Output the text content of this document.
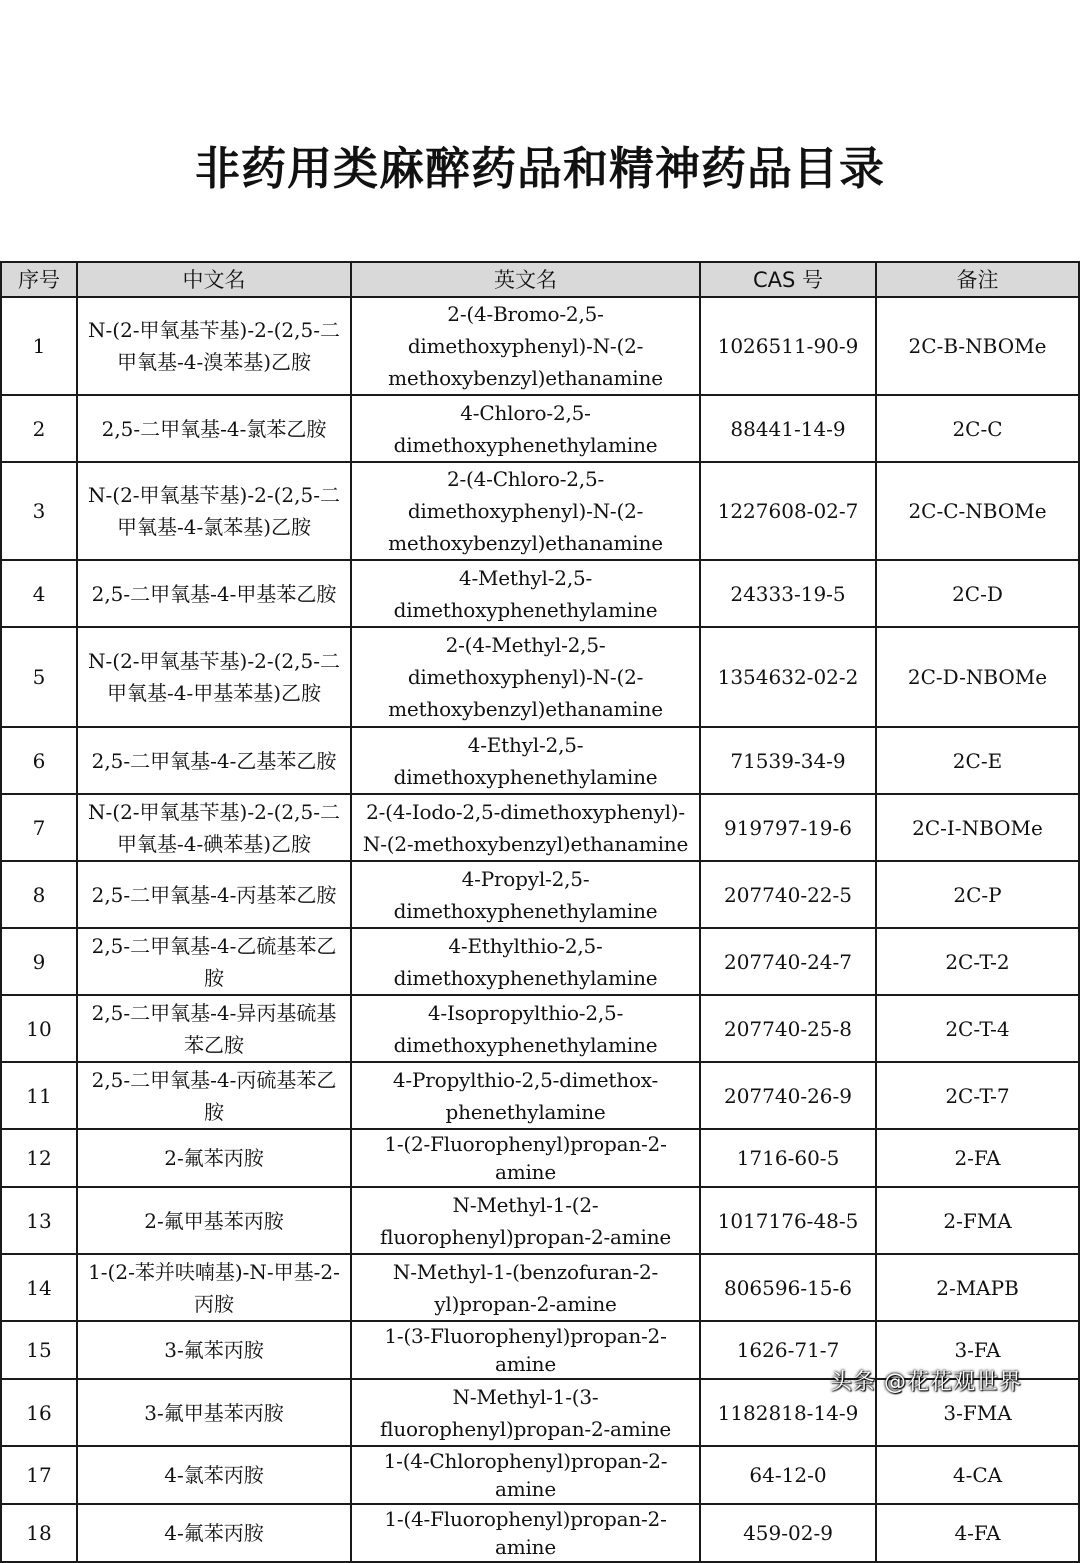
非药用类麻醉药品和精神药品目录
序号	中文名	英文名	CAS 号	备注
1	N-(2-甲氧基苄基)-2-(2,5-二甲氧基-4-溴苯基)乙胺	2-(4-Bromo-2,5-dimethoxyphenyl)-N-(2-methoxybenzyl)ethanamine	1026511-90-9	2C-B-NBOMe
2	2,5-二甲氧基-4-氯苯乙胺	4-Chloro-2,5-dimethoxyphenethylamine	88441-14-9	2C-C
3	N-(2-甲氧基苄基)-2-(2,5-二甲氧基-4-氯苯基)乙胺	2-(4-Chloro-2,5-dimethoxyphenyl)-N-(2-methoxybenzyl)ethanamine	1227608-02-7	2C-C-NBOMe
4	2,5-二甲氧基-4-甲基苯乙胺	4-Methyl-2,5-dimethoxyphenethylamine	24333-19-5	2C-D
5	N-(2-甲氧基苄基)-2-(2,5-二甲氧基-4-甲基苯基)乙胺	2-(4-Methyl-2,5-dimethoxyphenyl)-N-(2-methoxybenzyl)ethanamine	1354632-02-2	2C-D-NBOMe
6	2,5-二甲氧基-4-乙基苯乙胺	4-Ethyl-2,5-dimethoxyphenethylamine	71539-34-9	2C-E
7	N-(2-甲氧基苄基)-2-(2,5-二甲氧基-4-碘苯基)乙胺	2-(4-Iodo-2,5-dimethoxyphenyl)-N-(2-methoxybenzyl)ethanamine	919797-19-6	2C-I-NBOMe
8	2,5-二甲氧基-4-丙基苯乙胺	4-Propyl-2,5-dimethoxyphenethylamine	207740-22-5	2C-P
9	2,5-二甲氧基-4-乙硫基苯乙胺	4-Ethylthio-2,5-dimethoxyphenethylamine	207740-24-7	2C-T-2
10	2,5-二甲氧基-4-异丙基硫基苯乙胺	4-Isopropylthio-2,5-dimethoxyphenethylamine	207740-25-8	2C-T-4
11	2,5-二甲氧基-4-丙硫基苯乙胺	4-Propylthio-2,5-dimethox-phenethylamine	207740-26-9	2C-T-7
12	2-氟苯丙胺	1-(2-Fluorophenyl)propan-2-amine	1716-60-5	2-FA
13	2-氟甲基苯丙胺	N-Methyl-1-(2-fluorophenyl)propan-2-amine	1017176-48-5	2-FMA
14	1-(2-苯并呋喃基)-N-甲基-2-丙胺	N-Methyl-1-(benzofuran-2-yl)propan-2-amine	806596-15-6	2-MAPB
15	3-氟苯丙胺	1-(3-Fluorophenyl)propan-2-amine	1626-71-7	3-FA
16	3-氟甲基苯丙胺	N-Methyl-1-(3-fluorophenyl)propan-2-amine	1182818-14-9	3-FMA
17	4-氯苯丙胺	1-(4-Chlorophenyl)propan-2-amine	64-12-0	4-CA
18	4-氟苯丙胺	1-(4-Fluorophenyl)propan-2-amine	459-02-9	4-FA
头条 @花花观世界
